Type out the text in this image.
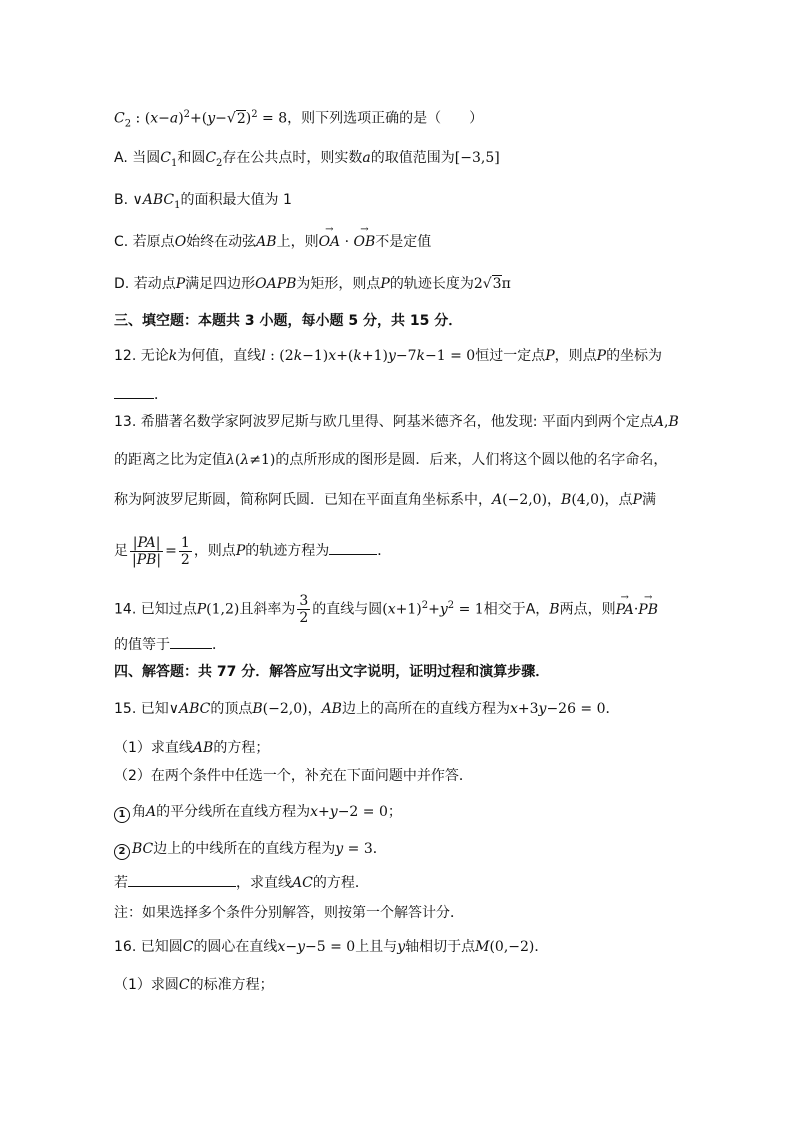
$C_2$ : $(x-a)^2+(y-√2)^2 = 8$，则下列选项正确的是（　　）
A. 当圆$C_1$和圆$C_2$存在公共点时，则实数a的取值范围为[−3,5]
B. $\vee ABC_1$的面积最大值为 1
C. 若原点O始终在动弦AB上，则→ OA · → OB不是定值
D. 若动点P满足四边形OAPB为矩形，则点P的轨迹长度为2√3π
三、填空题：本题共 3 小题，每小题 5 分，共 15 分．
12. 无论k为何值，直线l : (2k−1)x+(k+1)y−7k−1 = 0恒过一定点P，则点P的坐标为
．
13. 希腊著名数学家阿波罗尼斯与欧几里得、阿基米德齐名，他发现: 平面内到两个定点A,B
的距离之比为定值λ(λ≠1)的点所形成的图形是圆．后来，人们将这个圆以他的名字命名，
称为阿波罗尼斯圆，简称阿氏圆．已知在平面直角坐标系中，A(−2,0)，B(4,0)，点P满
足 $\frac{|PA|}{|PB|} = \frac{1}{2}$ ，则点P的轨迹方程为	．
14. 已知过点P(1,2)且斜率为 $\frac{3}{2}$ 的直线与圆$(x+1)^2+y^2 = 1$相交于A，B两点，则→ PA·→ PB
的值等于	．
四、解答题：共 77 分．解答应写出文字说明，证明过程和演算步骤．
15. 已知∨ABC的顶点B(−2,0)，AB边上的高所在的直线方程为x+3y−26 = 0．
（1）求直线AB的方程；
（2）在两个条件中任选一个，补充在下面问题中并作答．
1 角A的平分线所在直线方程为x+y−2 = 0；
2 BC边上的中线所在的直线方程为y = 3．
若	，求直线AC的方程．
注：如果选择多个条件分别解答，则按第一个解答计分．
16. 已知圆C的圆心在直线x−y−5 = 0上且与y轴相切于点M(0,−2)．
（1）求圆C的标准方程；
